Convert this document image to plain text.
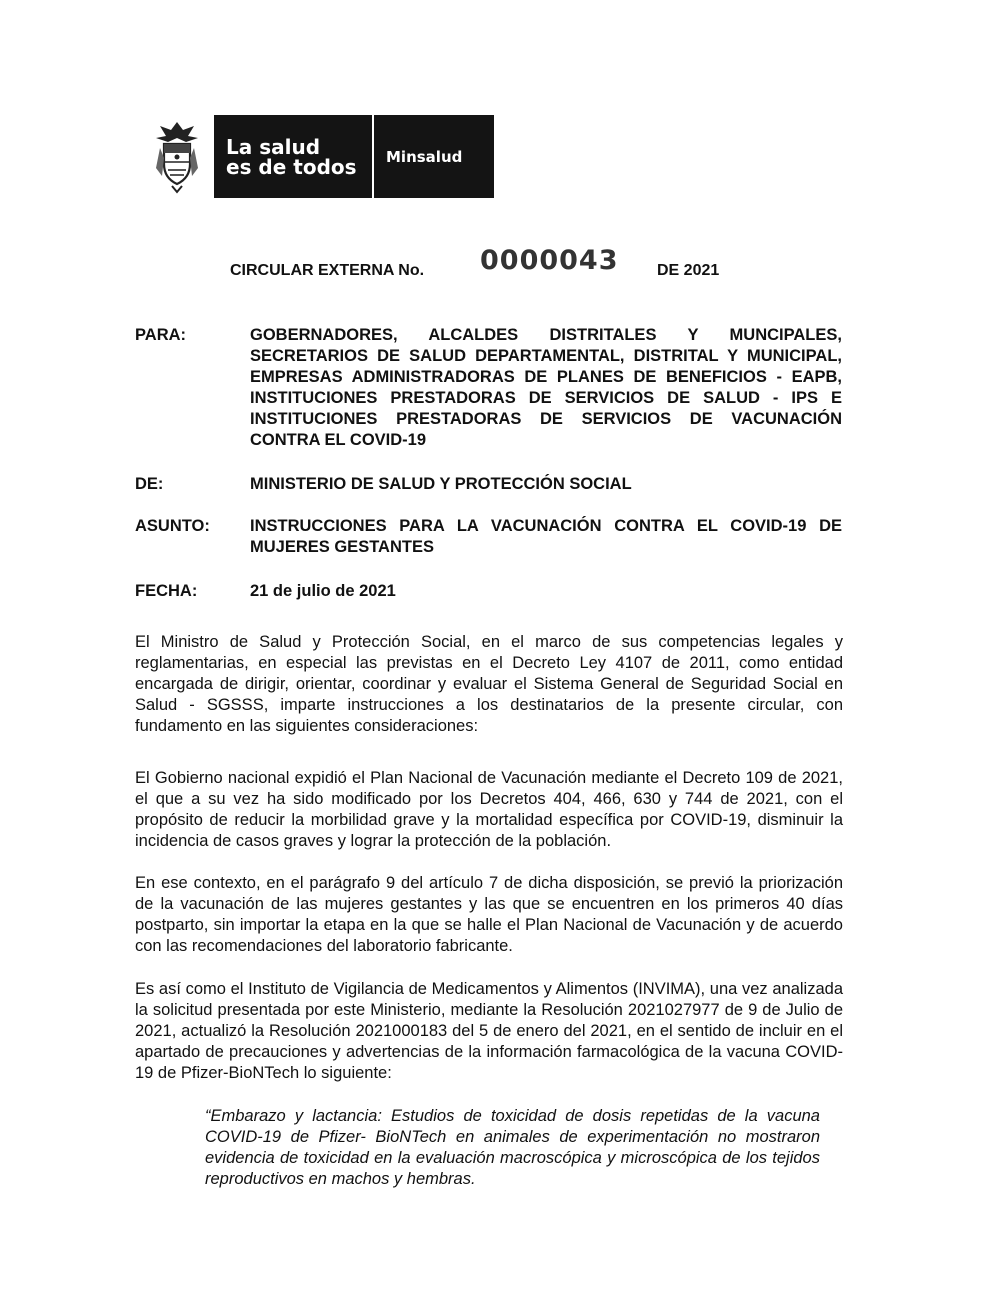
La salud
es de todos Minsalud
CIRCULAR EXTERNA No. 0000043 DE 2021
PARA:	GOBERNADORES, ALCALDES DISTRITALES Y MUNCIPALES, SECRETARIOS DE SALUD DEPARTAMENTAL, DISTRITAL Y MUNICIPAL, EMPRESAS ADMINISTRADORAS DE PLANES DE BENEFICIOS - EAPB, INSTITUCIONES PRESTADORAS DE SERVICIOS DE SALUD - IPS E INSTITUCIONES PRESTADORAS DE SERVICIOS DE VACUNACIÓN CONTRA EL COVID-19
DE:	MINISTERIO DE SALUD Y PROTECCIÓN SOCIAL
ASUNTO: INSTRUCCIONES PARA LA VACUNACIÓN CONTRA EL COVID-19 DE MUJERES GESTANTES
FECHA:	21 de julio de 2021

El Ministro de Salud y Protección Social, en el marco de sus competencias legales y reglamentarias, en especial las previstas en el Decreto Ley 4107 de 2011, como entidad encargada de dirigir, orientar, coordinar y evaluar el Sistema General de Seguridad Social en Salud - SGSSS, imparte instrucciones a los destinatarios de la presente circular, con fundamento en las siguientes consideraciones:

El Gobierno nacional expidió el Plan Nacional de Vacunación mediante el Decreto 109 de 2021, el que a su vez ha sido modificado por los Decretos 404, 466, 630 y 744 de 2021, con el propósito de reducir la morbilidad grave y la mortalidad específica por COVID-19, disminuir la incidencia de casos graves y lograr la protección de la población.

En ese contexto, en el parágrafo 9 del artículo 7 de dicha disposición, se previó la priorización de la vacunación de las mujeres gestantes y las que se encuentren en los primeros 40 días postparto, sin importar la etapa en la que se halle el Plan Nacional de Vacunación y de acuerdo con las recomendaciones del laboratorio fabricante.

Es así como el Instituto de Vigilancia de Medicamentos y Alimentos (INVIMA), una vez analizada la solicitud presentada por este Ministerio, mediante la Resolución 2021027977 de 9 de Julio de 2021, actualizó la Resolución 2021000183 del 5 de enero del 2021, en el sentido de incluir en el apartado de precauciones y advertencias de la información farmacológica de la vacuna COVID-19 de Pfizer-BioNTech lo siguiente:

“Embarazo y lactancia: Estudios de toxicidad de dosis repetidas de la vacuna COVID-19 de Pfizer- BioNTech en animales de experimentación no mostraron evidencia de toxicidad en la evaluación macroscópica y microscópica de los tejidos reproductivos en machos y hembras.
